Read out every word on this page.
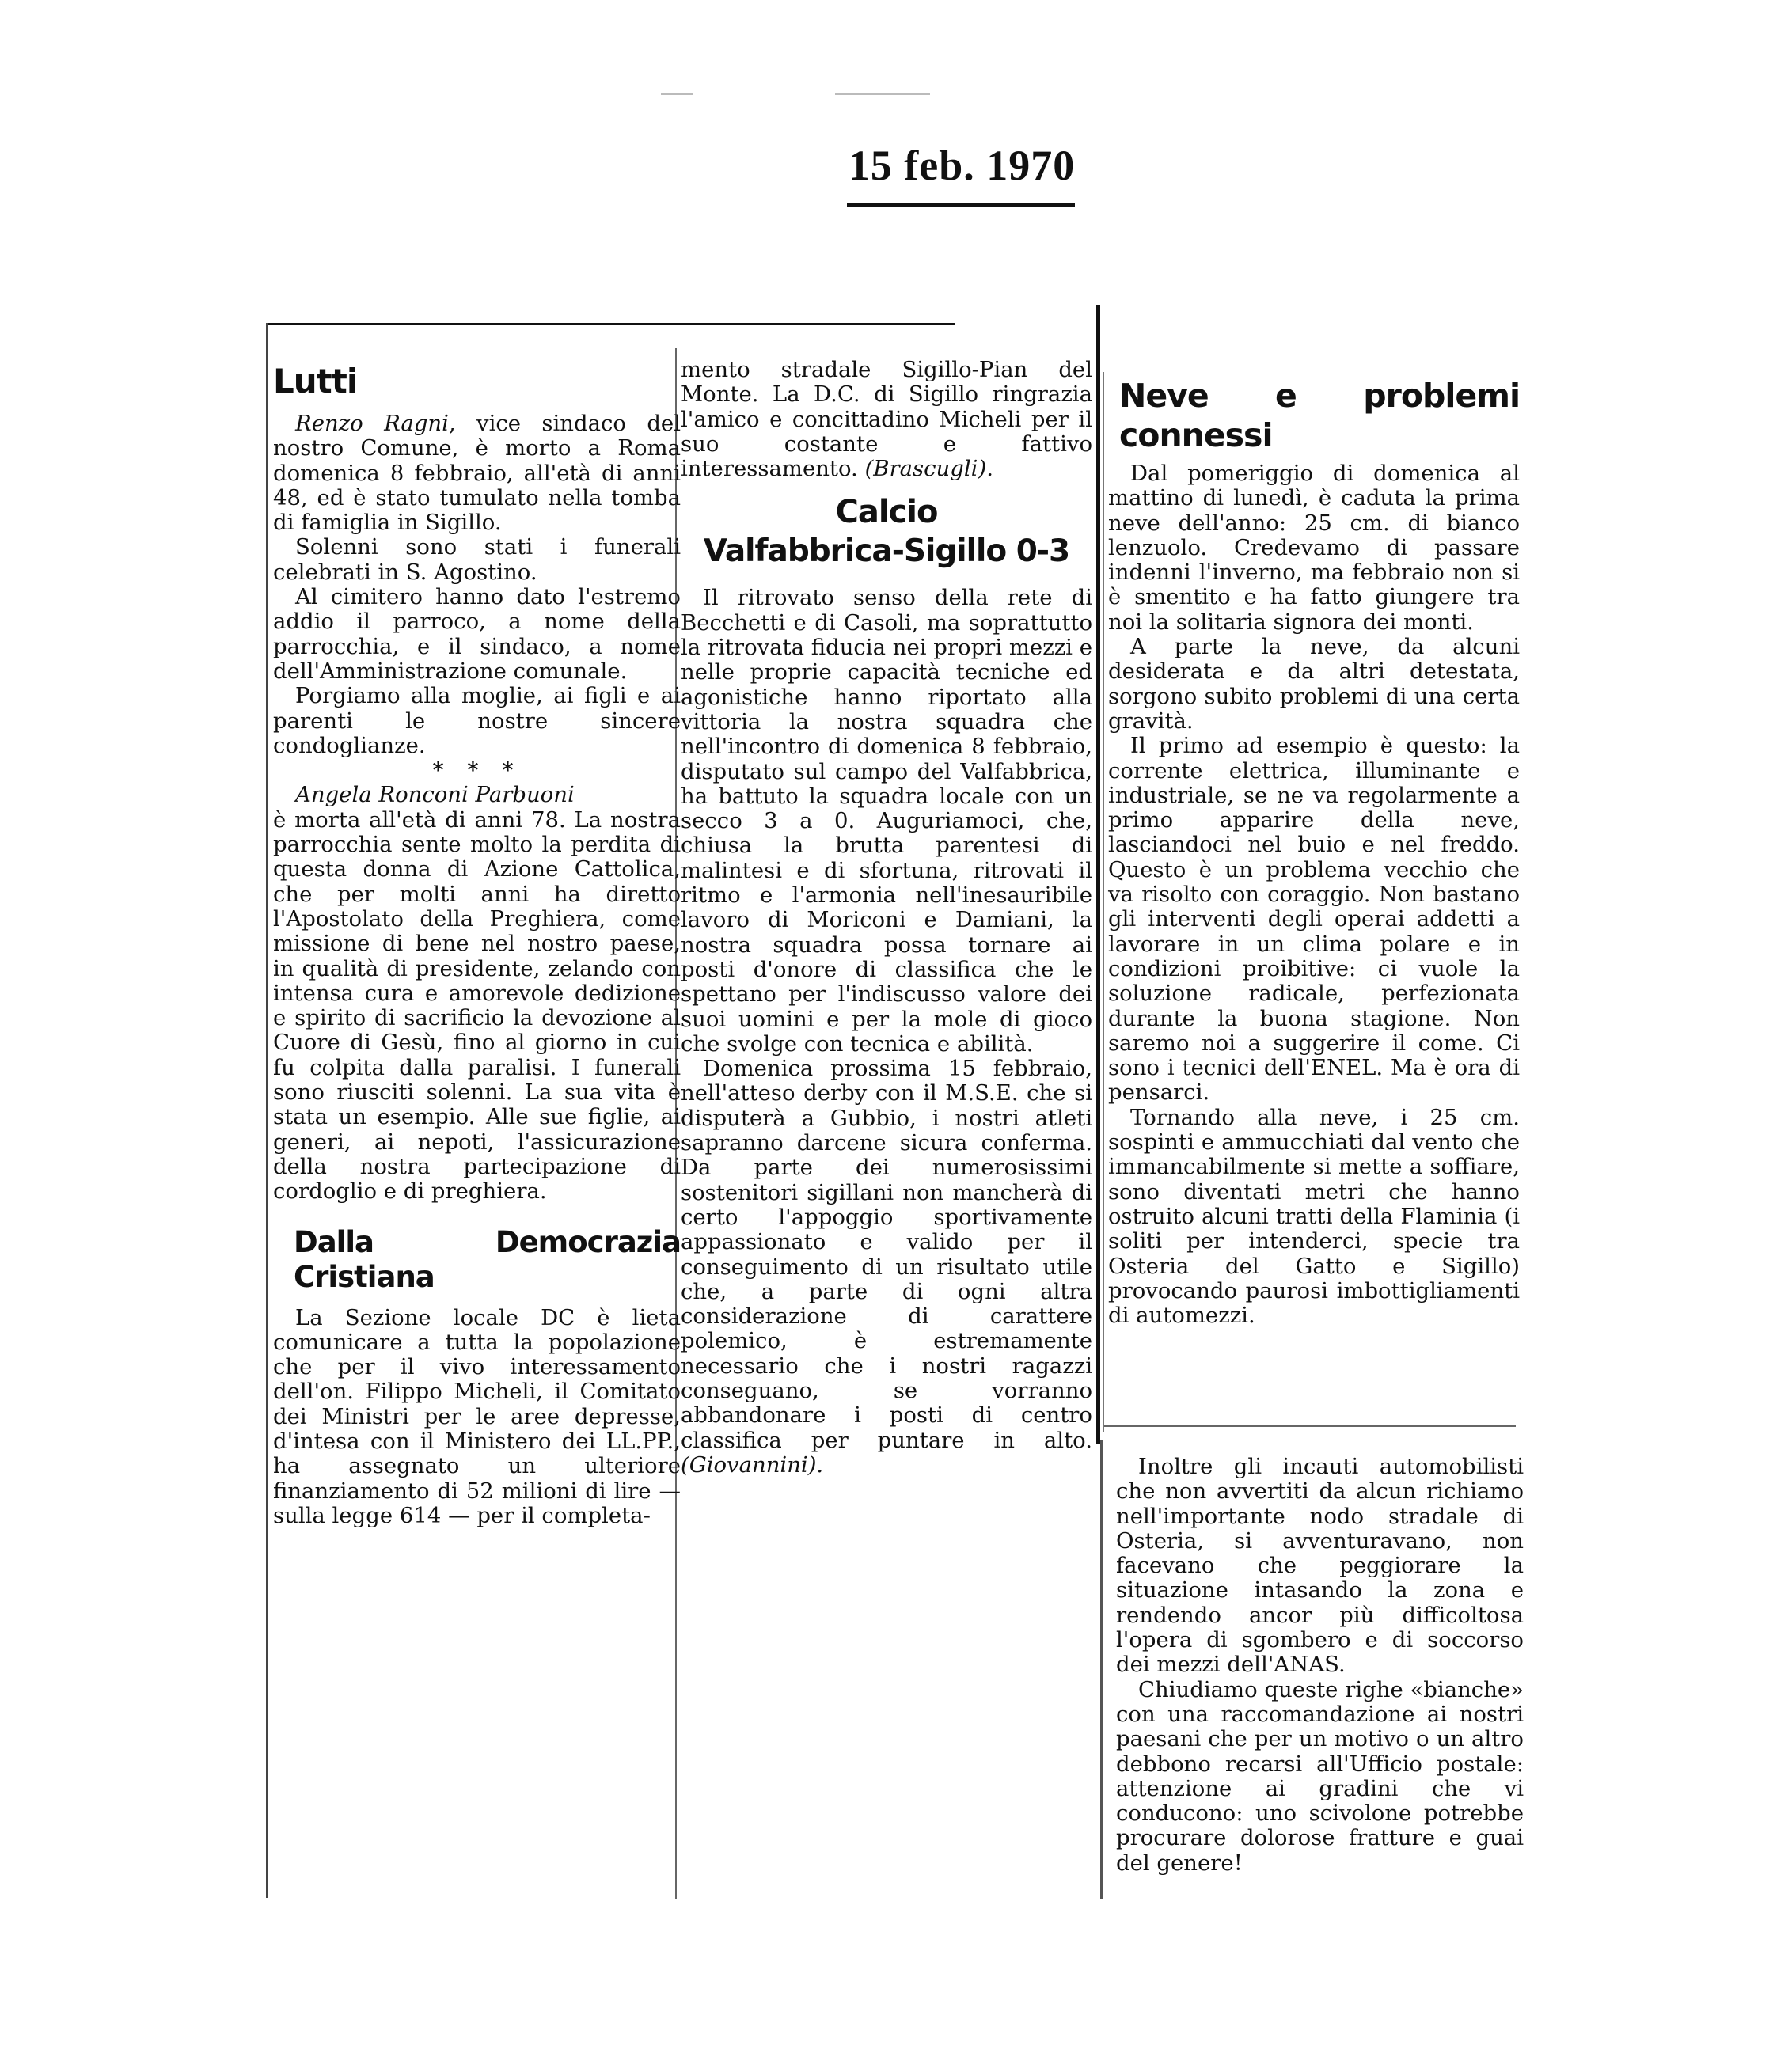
15 feb. 1970
Lutti

Renzo Ragni, vice sindaco del nostro Comune, è morto a Roma domenica 8 febbraio, all'età di anni 48, ed è stato tumulato nella tomba di famiglia in Sigillo.

Solenni sono stati i funerali celebrati in S. Agostino.

Al cimitero hanno dato l'estremo addio il parroco, a nome della parrocchia, e il sindaco, a nome dell'Amministrazione comunale.

Porgiamo alla moglie, ai figli e ai parenti le nostre sincere condoglianze.

* * *

Angela Ronconi Parbuoni

è morta all'età di anni 78. La nostra parrocchia sente molto la perdita di questa donna di Azione Cattolica, che per molti anni ha diretto l'Apostolato della Preghiera, come missione di bene nel nostro paese, in qualità di presidente, zelando con intensa cura e amorevole dedizione e spirito di sacrificio la devozione al Cuore di Gesù, fino al giorno in cui fu colpita dalla paralisi. I funerali sono riusciti solenni. La sua vita è stata un esempio. Alle sue figlie, ai generi, ai nepoti, l'assicurazione della nostra partecipazione di cordoglio e di preghiera.

Dalla Democrazia Cristiana

La Sezione locale DC è lieta comunicare a tutta la popolazione che per il vivo interessamento dell'on. Filippo Micheli, il Comitato dei Ministri per le aree depresse, d'intesa con il Ministero dei LL.PP., ha assegnato un ulteriore finanziamento di 52 milioni di lire — sulla legge 614 — per il completa-

mento stradale Sigillo-Pian del Monte. La D.C. di Sigillo ringrazia l'amico e concittadino Micheli per il suo costante e fattivo interessamento. (Brascugli).

Calcio
Valfabbrica-Sigillo 0-3

Il ritrovato senso della rete di Becchetti e di Casoli, ma soprattutto la ritrovata fiducia nei propri mezzi e nelle proprie capacità tecniche ed agonistiche hanno riportato alla vittoria la nostra squadra che nell'incontro di domenica 8 febbraio, disputato sul campo del Valfabbrica, ha battuto la squadra locale con un secco 3 a 0. Auguriamoci, che, chiusa la brutta parentesi di malintesi e di sfortuna, ritrovati il ritmo e l'armonia nell'inesauribile lavoro di Moriconi e Damiani, la nostra squadra possa tornare ai posti d'onore di classifica che le spettano per l'indiscusso valore dei suoi uomini e per la mole di gioco che svolge con tecnica e abilità.

Domenica prossima 15 febbraio, nell'atteso derby con il M.S.E. che si disputerà a Gubbio, i nostri atleti sapranno darcene sicura conferma. Da parte dei numerosissimi sostenitori sigillani non mancherà di certo l'appoggio sportivamente appassionato e valido per il conseguimento di un risultato utile che, a parte di ogni altra considerazione di carattere polemico, è estremamente necessario che i nostri ragazzi conseguano, se vorranno abbandonare i posti di centro classifica per puntare in alto. (Giovannini).

Neve e problemi connessi

Dal pomeriggio di domenica al mattino di lunedì, è caduta la prima neve dell'anno: 25 cm. di bianco lenzuolo. Credevamo di passare indenni l'inverno, ma febbraio non si è smentito e ha fatto giungere tra noi la solitaria signora dei monti.

A parte la neve, da alcuni desiderata e da altri detestata, sorgono subito problemi di una certa gravità.

Il primo ad esempio è questo: la corrente elettrica, illuminante e industriale, se ne va regolarmente a primo apparire della neve, lasciandoci nel buio e nel freddo. Questo è un problema vecchio che va risolto con coraggio. Non bastano gli interventi degli operai addetti a lavorare in un clima polare e in condizioni proibitive: ci vuole la soluzione radicale, perfezionata durante la buona stagione. Non saremo noi a suggerire il come. Ci sono i tecnici dell'ENEL. Ma è ora di pensarci.

Tornando alla neve, i 25 cm. sospinti e ammucchiati dal vento che immancabilmente si mette a soffiare, sono diventati metri che hanno ostruito alcuni tratti della Flaminia (i soliti per intenderci, specie tra Osteria del Gatto e Sigillo) provocando paurosi imbottigliamenti di automezzi.

Inoltre gli incauti automobilisti che non avvertiti da alcun richiamo nell'importante nodo stradale di Osteria, si avventuravano, non facevano che peggiorare la situazione intasando la zona e rendendo ancor più difficoltosa l'opera di sgombero e di soccorso dei mezzi dell'ANAS.

Chiudiamo queste righe «bianche» con una raccomandazione ai nostri paesani che per un motivo o un altro debbono recarsi all'Ufficio postale: attenzione ai gradini che vi conducono: uno scivolone potrebbe procurare dolorose fratture e guai del genere!
